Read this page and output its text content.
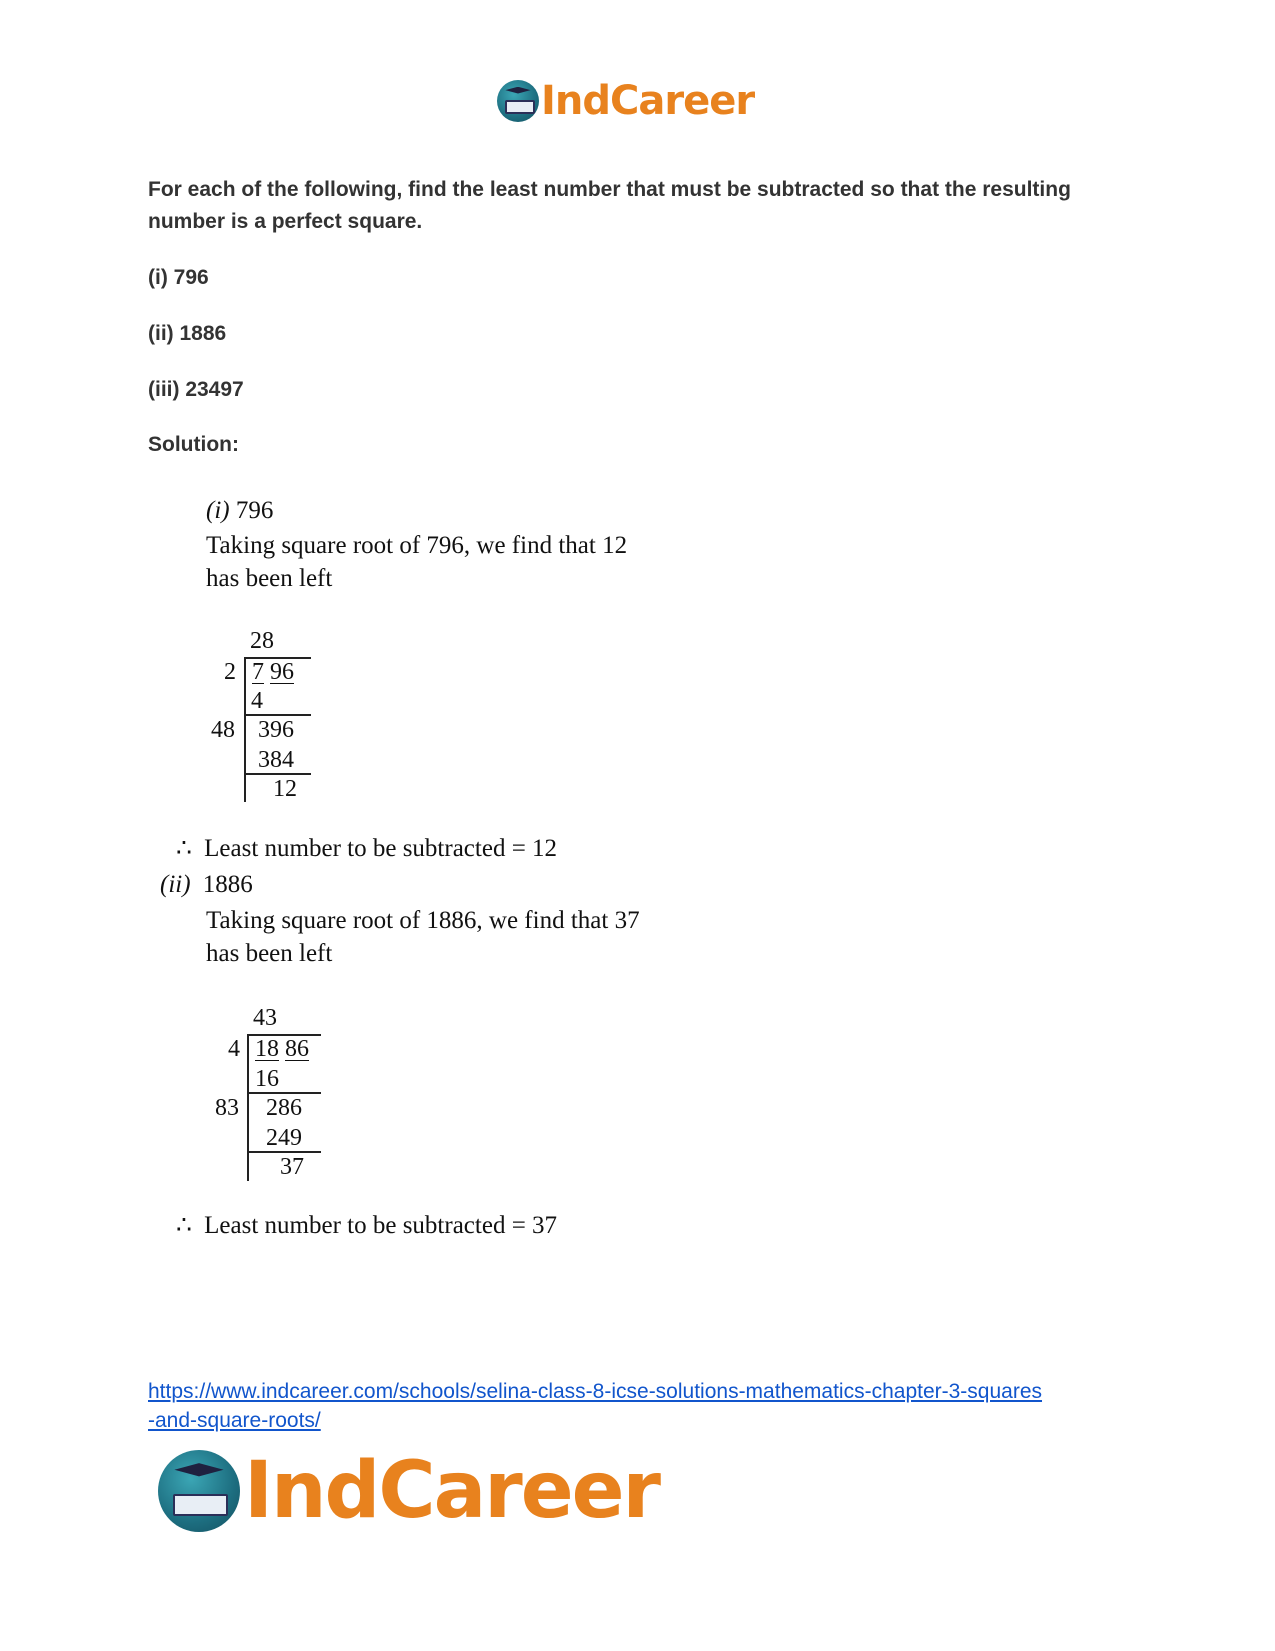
IndCareer
For each of the following, find the least number that must be subtracted so that the resulting number is a perfect square.
(i) 796
(ii) 1886
(iii) 23497
Solution:
(i) 796
Taking square root of 796, we find that 12
has been left
28
2 7 96
4
48 396
384
12
∴ Least number to be subtracted = 12
(ii) 1886
Taking square root of 1886, we find that 37
has been left
43
4 18 86
16
83 286
249
37
∴ Least number to be subtracted = 37
https://www.indcareer.com/schools/selina-class-8-icse-solutions-mathematics-chapter-3-squares
-and-square-roots/
IndCareer
